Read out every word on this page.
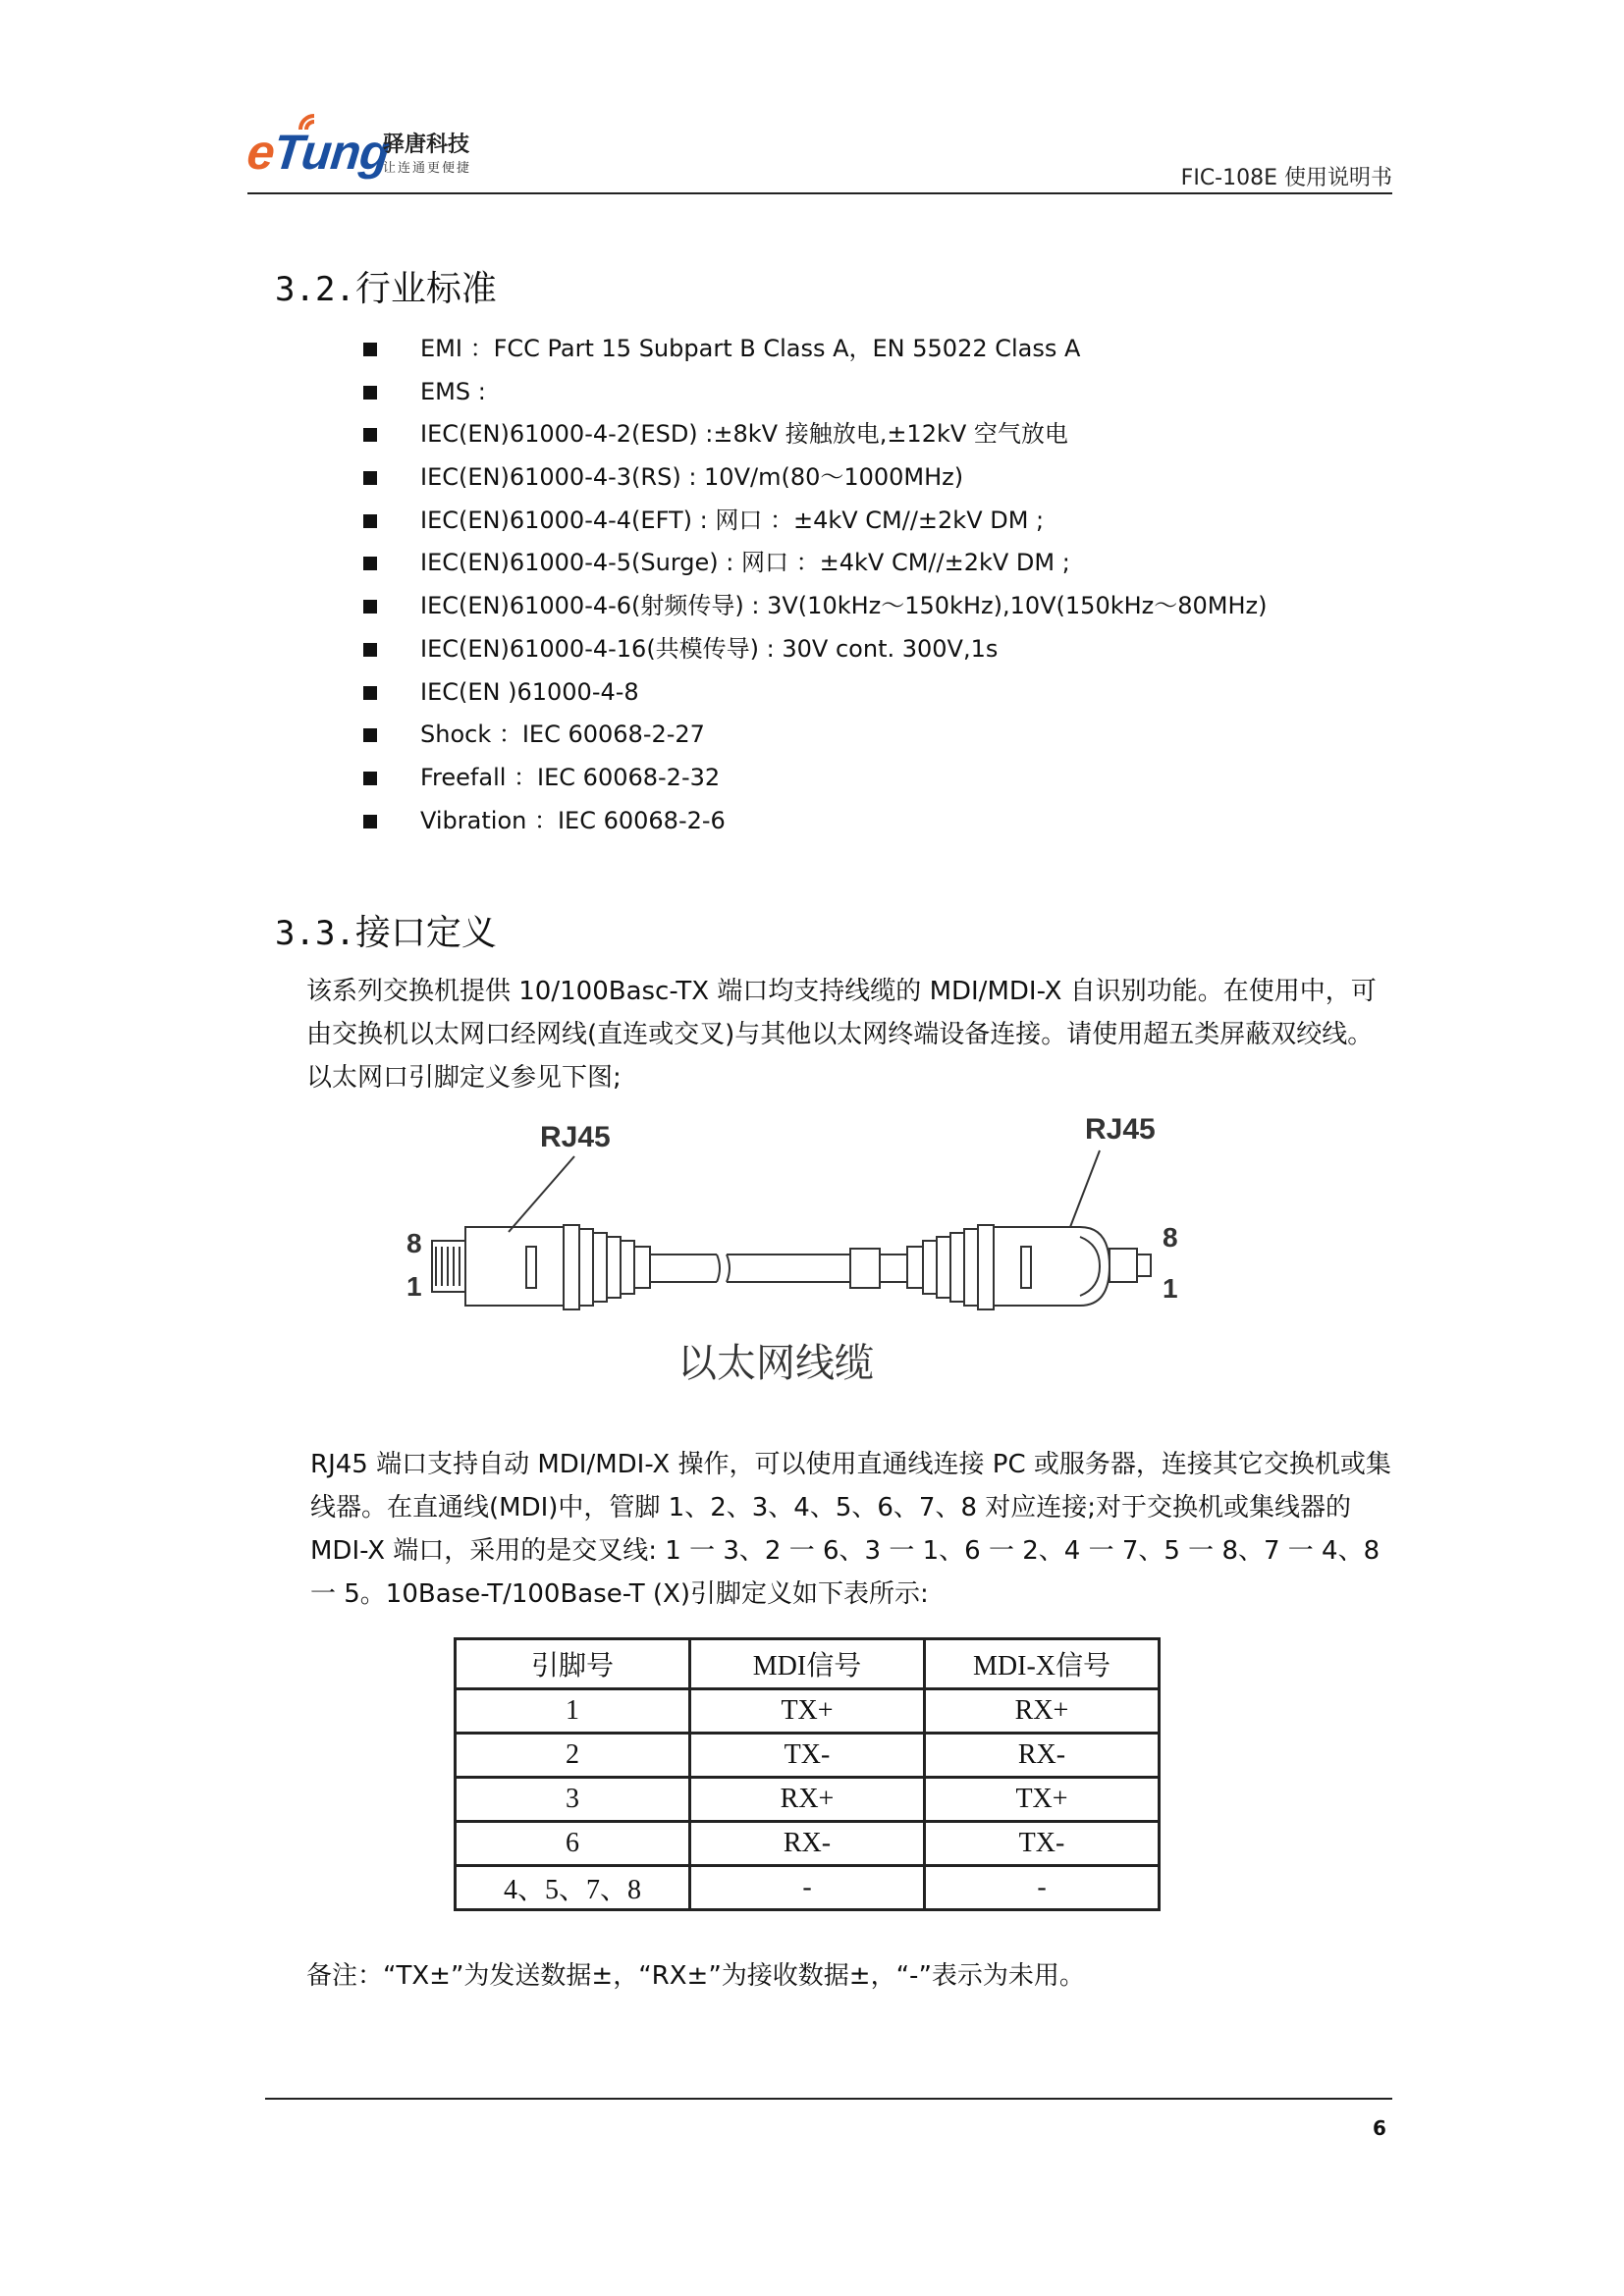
eTung
驿唐科技
让连通更便捷	FIC-108E 使用说明书
3.2.行业标准
EMI ：FCC Part 15 Subpart B Class A，EN 55022 Class A
EMS :
IEC(EN)61000-4-2(ESD) :±8kV 接触放电,±12kV 空气放电
IEC(EN)61000-4-3(RS) : 10V/m(80～1000MHz)
IEC(EN)61000-4-4(EFT) : 网口 ：±4kV CM//±2kV DM ;
IEC(EN)61000-4-5(Surge) : 网口 ：±4kV CM//±2kV DM ;
IEC(EN)61000-4-6(射频传导) : 3V(10kHz～150kHz),10V(150kHz～80MHz)
IEC(EN)61000-4-16(共模传导) : 30V cont. 300V,1s
IEC(EN )61000-4-8
Shock ：IEC 60068-2-27
Freefall ：IEC 60068-2-32
Vibration ：IEC 60068-2-6
3.3.接口定义
该系列交换机提供 10/100Basc-TX 端口均支持线缆的 MDI/MDI-X 自识别功能。在使用中，可由交换机以太网口经网线(直连或交叉)与其他以太网终端设备连接。请使用超五类屏蔽双绞线。以太网口引脚定义参见下图;
RJ45	RJ45
8
1
8
1
以太网线缆
RJ45 端口支持自动 MDI/MDI-X 操作，可以使用直通线连接 PC 或服务器，连接其它交换机或集线器。在直通线(MDI)中，管脚 1、2、3、4、5、6、7、8 对应连接;对于交换机或集线器的 MDI-X 端口，采用的是交叉线: 1 一 3、2 一 6、3 一 1、6 一 2、4 一 7、5 一 8、7 一 4、8 一 5。10Base-T/100Base-T (X)引脚定义如下表所示:
引脚号	MDI信号	MDI-X信号
1	TX+	RX+
2	TX-	RX-
3	RX+	TX+
6	RX-	TX-
4、5、7、8	-	-
备注：“TX±”为发送数据±，“RX±”为接收数据±，“-”表示为未用。
6
